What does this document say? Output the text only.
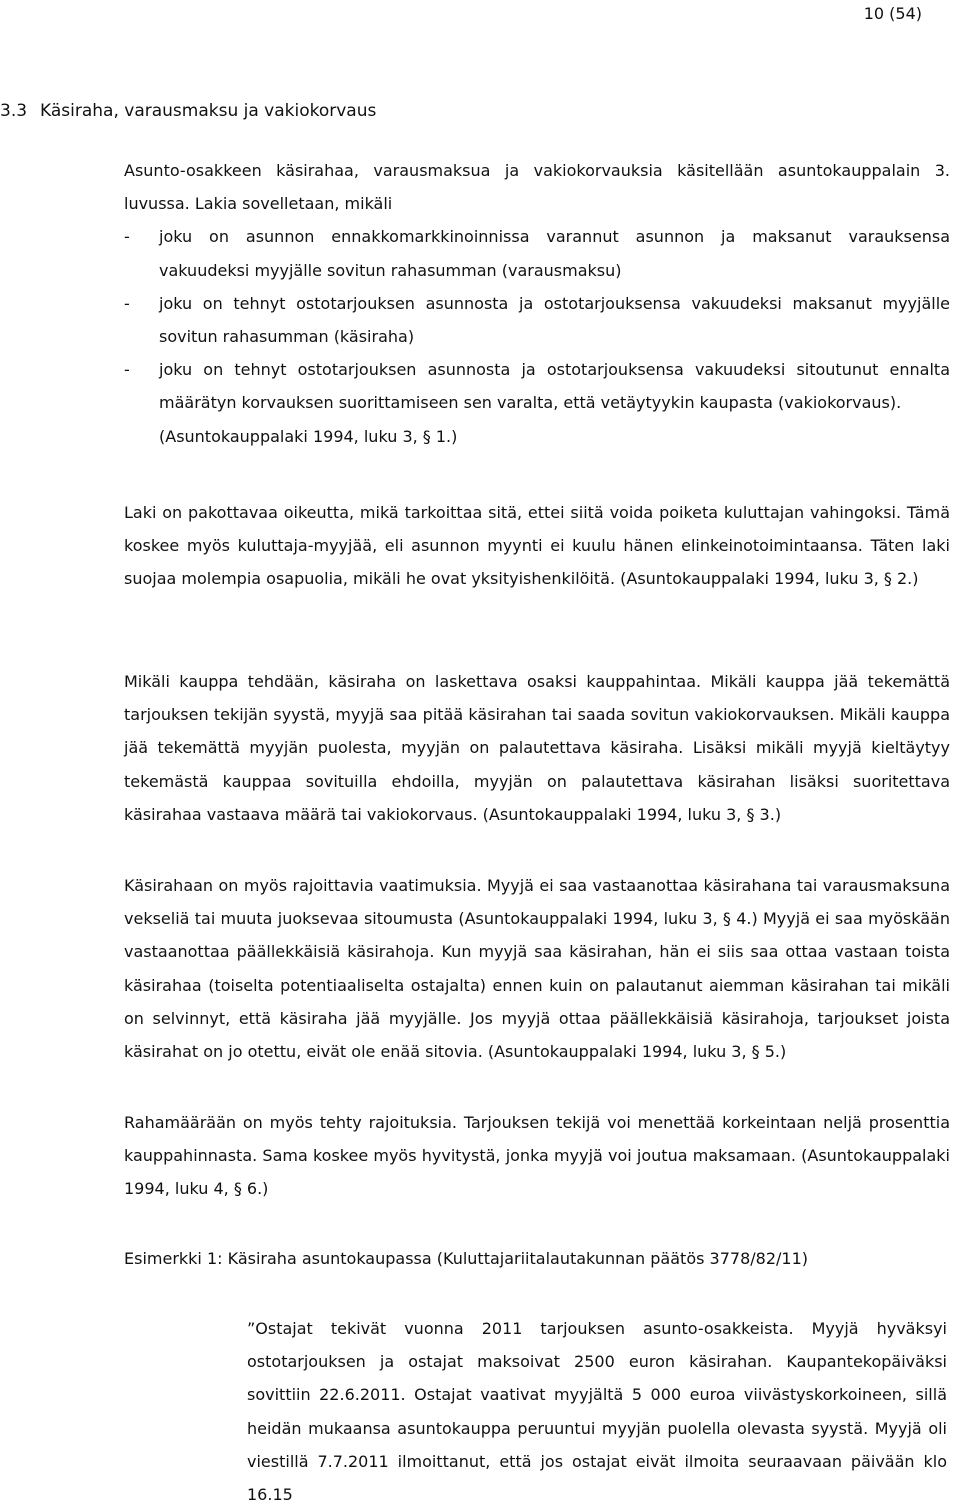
10 (54)
3.3 Käsiraha, varausmaksu ja vakiokorvaus
Asunto-osakkeen käsirahaa, varausmaksua ja vakiokorvauksia käsitellään asuntokauppalain 3. luvussa. Lakia sovelletaan, mikäli
- joku on asunnon ennakkomarkkinoinnissa varannut asunnon ja maksanut varauksensa vakuudeksi myyjälle sovitun rahasumman (varausmaksu)
- joku on tehnyt ostotarjouksen asunnosta ja ostotarjouksensa vakuudeksi maksanut myyjälle sovitun rahasumman (käsiraha)
- joku on tehnyt ostotarjouksen asunnosta ja ostotarjouksensa vakuudeksi sitoutunut ennalta määrätyn korvauksen suorittamiseen sen varalta, että vetäytyykin kaupasta (vakiokorvaus).
(Asuntokauppalaki 1994, luku 3, § 1.)
Laki on pakottavaa oikeutta, mikä tarkoittaa sitä, ettei siitä voida poiketa kuluttajan vahingoksi. Tämä koskee myös kuluttaja-myyjää, eli asunnon myynti ei kuulu hänen elinkeinotoimintaansa. Täten laki suojaa molempia osapuolia, mikäli he ovat yksityishenkilöitä. (Asuntokauppalaki 1994, luku 3, § 2.)
Mikäli kauppa tehdään, käsiraha on laskettava osaksi kauppahintaa. Mikäli kauppa jää tekemättä tarjouksen tekijän syystä, myyjä saa pitää käsirahan tai saada sovitun vakiokorvauksen. Mikäli kauppa jää tekemättä myyjän puolesta, myyjän on palautettava käsiraha. Lisäksi mikäli myyjä kieltäytyy tekemästä kauppaa sovituilla ehdoilla, myyjän on palautettava käsirahan lisäksi suoritettava käsirahaa vastaava määrä tai vakiokorvaus. (Asuntokauppalaki 1994, luku 3, § 3.)
Käsirahaan on myös rajoittavia vaatimuksia. Myyjä ei saa vastaanottaa käsirahana tai varausmaksuna vekseliä tai muuta juoksevaa sitoumusta (Asuntokauppalaki 1994, luku 3, § 4.) Myyjä ei saa myöskään vastaanottaa päällekkäisiä käsirahoja. Kun myyjä saa käsirahan, hän ei siis saa ottaa vastaan toista käsirahaa (toiselta potentiaaliselta ostajalta) ennen kuin on palautanut aiemman käsirahan tai mikäli on selvinnyt, että käsiraha jää myyjälle. Jos myyjä ottaa päällekkäisiä käsirahoja, tarjoukset joista käsirahat on jo otettu, eivät ole enää sitovia. (Asuntokauppalaki 1994, luku 3, § 5.)
Rahamäärään on myös tehty rajoituksia. Tarjouksen tekijä voi menettää korkeintaan neljä prosenttia kauppahinnasta. Sama koskee myös hyvitystä, jonka myyjä voi joutua maksamaan. (Asuntokauppalaki 1994, luku 4, § 6.)
Esimerkki 1: Käsiraha asuntokaupassa (Kuluttajariitalautakunnan päätös 3778/82/11)
”Ostajat tekivät vuonna 2011 tarjouksen asunto-osakkeista. Myyjä hyväksyi ostotarjouksen ja ostajat maksoivat 2500 euron käsirahan. Kaupantekopäiväksi sovittiin 22.6.2011. Ostajat vaativat myyjältä 5 000 euroa viivästyskorkoineen, sillä heidän mukaansa asuntokauppa peruuntui myyjän puolella olevasta syystä. Myyjä oli viestillä 7.7.2011 ilmoittanut, että jos ostajat eivät ilmoita seuraavaan päivään klo 16.15
